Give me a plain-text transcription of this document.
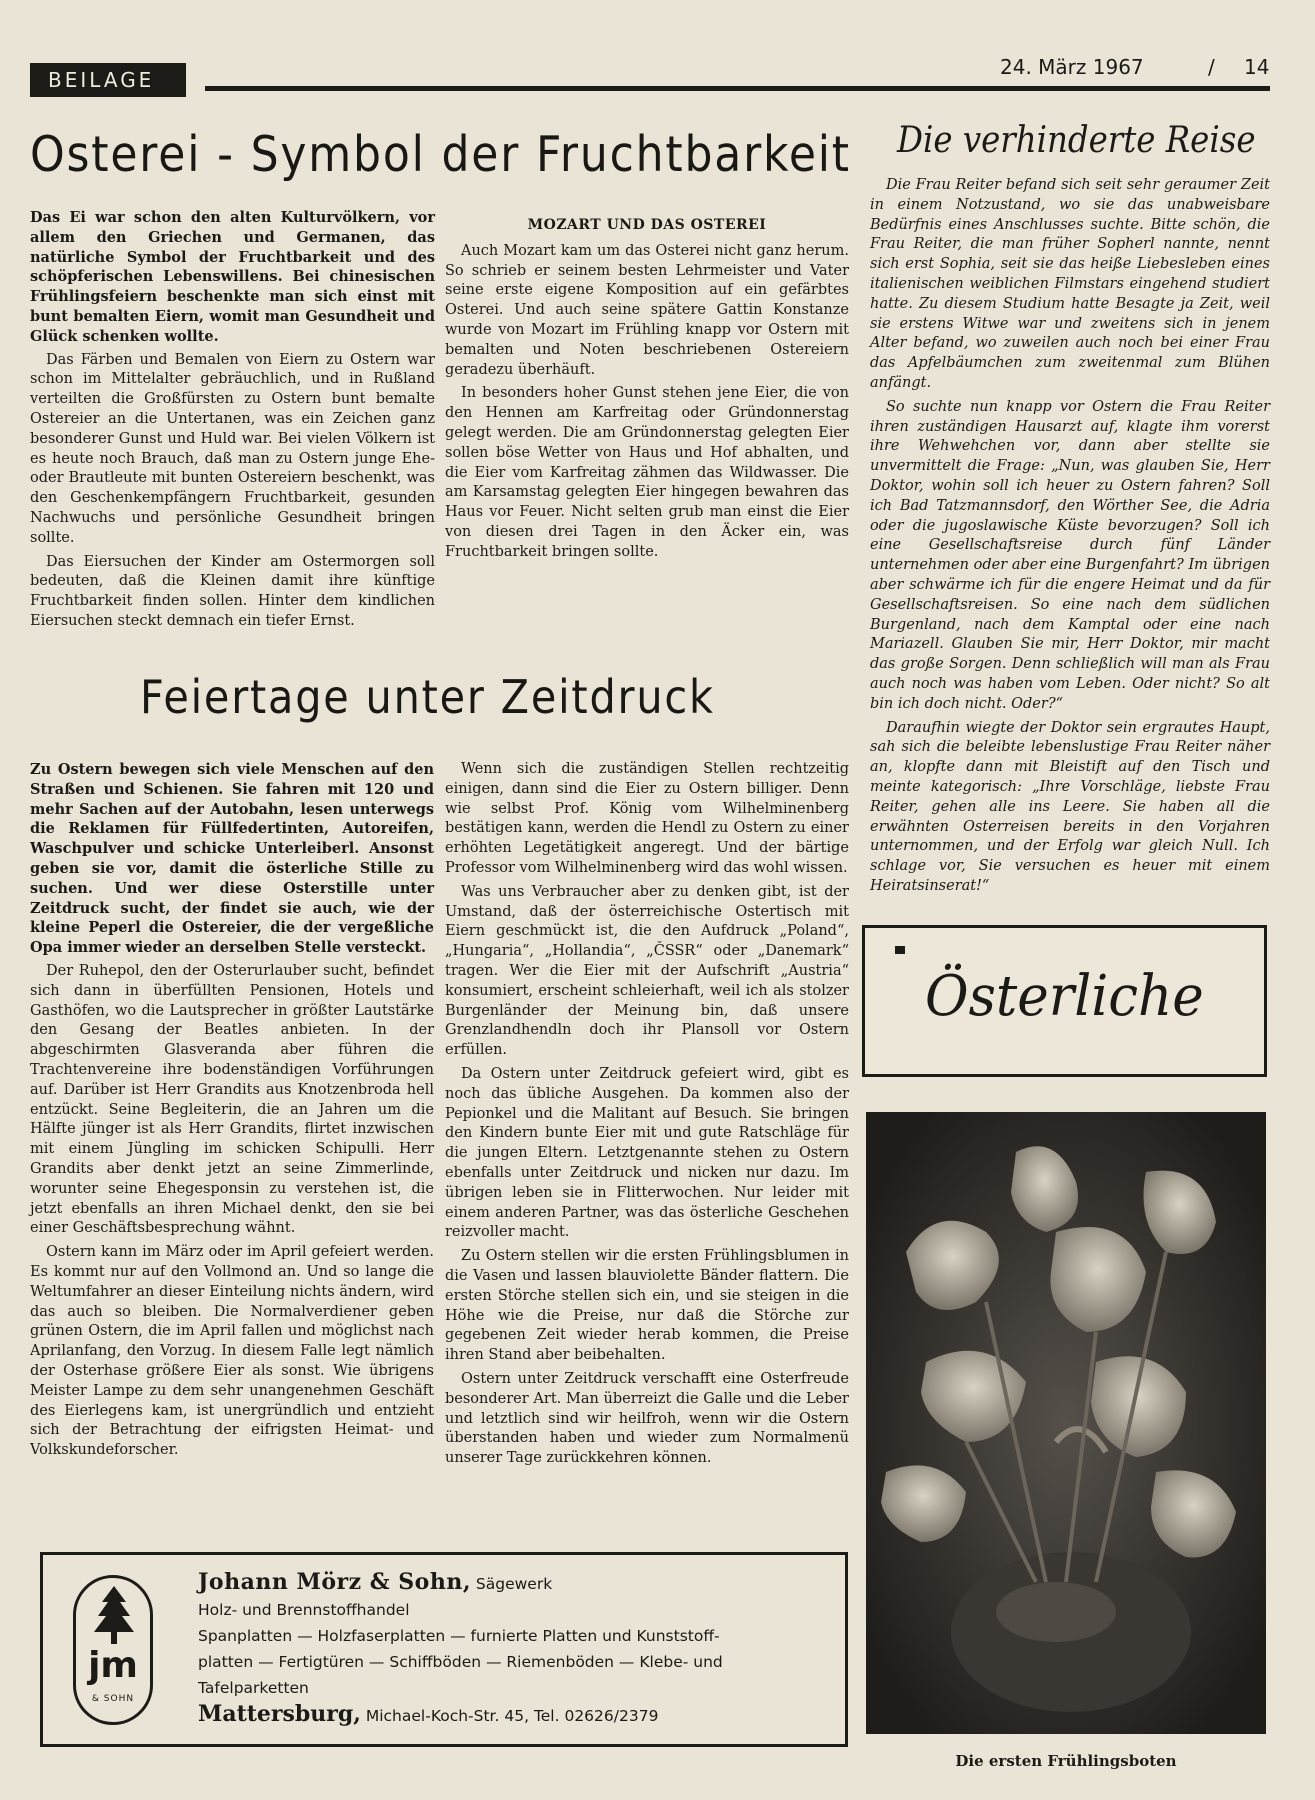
BEILAGE
24. März 1967	/ 14
Osterei - Symbol der Fruchtbarkeit

Das Ei war schon den alten Kulturvölkern, vor allem den Griechen und Germanen, das natürliche Symbol der Fruchtbarkeit und des schöpferischen Lebenswillens. Bei chinesischen Frühlingsfeiern beschenkte man sich einst mit bunt bemalten Eiern, womit man Gesundheit und Glück schenken wollte.

Das Färben und Bemalen von Eiern zu Ostern war schon im Mittelalter gebräuchlich, und in Rußland verteilten die Großfürsten zu Ostern bunt bemalte Ostereier an die Untertanen, was ein Zeichen ganz besonderer Gunst und Huld war. Bei vielen Völkern ist es heute noch Brauch, daß man zu Ostern junge Ehe- oder Brautleute mit bunten Ostereiern beschenkt, was den Geschenkempfängern Fruchtbarkeit, gesunden Nachwuchs und persönliche Gesundheit bringen sollte.

Das Eiersuchen der Kinder am Ostermorgen soll bedeuten, daß die Kleinen damit ihre künftige Fruchtbarkeit finden sollen. Hinter dem kindlichen Eiersuchen steckt demnach ein tiefer Ernst.

MOZART UND DAS OSTEREI

Auch Mozart kam um das Osterei nicht ganz herum. So schrieb er seinem besten Lehrmeister und Vater seine erste eigene Komposition auf ein gefärbtes Osterei. Und auch seine spätere Gattin Konstanze wurde von Mozart im Frühling knapp vor Ostern mit bemalten und Noten beschriebenen Ostereiern geradezu überhäuft.

In besonders hoher Gunst stehen jene Eier, die von den Hennen am Karfreitag oder Gründonnerstag gelegt werden. Die am Gründonnerstag gelegten Eier sollen böse Wetter von Haus und Hof abhalten, und die Eier vom Karfreitag zähmen das Wildwasser. Die am Karsamstag gelegten Eier hingegen bewahren das Haus vor Feuer. Nicht selten grub man einst die Eier von diesen drei Tagen in den Äcker ein, was Fruchtbarkeit bringen sollte.

Die verhinderte Reise

Die Frau Reiter befand sich seit sehr geraumer Zeit in einem Notzustand, wo sie das unabweisbare Bedürfnis eines Anschlusses suchte. Bitte schön, die Frau Reiter, die man früher Sopherl nannte, nennt sich erst Sophia, seit sie das heiße Liebesleben eines italienischen weiblichen Filmstars eingehend studiert hatte. Zu diesem Studium hatte Besagte ja Zeit, weil sie erstens Witwe war und zweitens sich in jenem Alter befand, wo zuweilen auch noch bei einer Frau das Apfelbäumchen zum zweitenmal zum Blühen anfängt.

So suchte nun knapp vor Ostern die Frau Reiter ihren zuständigen Hausarzt auf, klagte ihm vorerst ihre Wehwehchen vor, dann aber stellte sie unvermittelt die Frage: „Nun, was glauben Sie, Herr Doktor, wohin soll ich heuer zu Ostern fahren? Soll ich Bad Tatzmannsdorf, den Wörther See, die Adria oder die jugoslawische Küste bevorzugen? Soll ich eine Gesellschaftsreise durch fünf Länder unternehmen oder aber eine Burgenfahrt? Im übrigen aber schwärme ich für die engere Heimat und da für Gesellschaftsreisen. So eine nach dem südlichen Burgenland, nach dem Kamptal oder eine nach Mariazell. Glauben Sie mir, Herr Doktor, mir macht das große Sorgen. Denn schließlich will man als Frau auch noch was haben vom Leben. Oder nicht? So alt bin ich doch nicht. Oder?“

Daraufhin wiegte der Doktor sein ergrautes Haupt, sah sich die beleibte lebenslustige Frau Reiter näher an, klopfte dann mit Bleistift auf den Tisch und meinte kategorisch: „Ihre Vorschläge, liebste Frau Reiter, gehen alle ins Leere. Sie haben all die erwähnten Osterreisen bereits in den Vorjahren unternommen, und der Erfolg war gleich Null. Ich schlage vor, Sie versuchen es heuer mit einem Heiratsinserat!“

Feiertage unter Zeitdruck

Zu Ostern bewegen sich viele Menschen auf den Straßen und Schienen. Sie fahren mit 120 und mehr Sachen auf der Autobahn, lesen unterwegs die Reklamen für Füllfedertinten, Autoreifen, Waschpulver und schicke Unterleiberl. Ansonst geben sie vor, damit die österliche Stille zu suchen. Und wer diese Osterstille unter Zeitdruck sucht, der findet sie auch, wie der kleine Peperl die Ostereier, die der vergeßliche Opa immer wieder an derselben Stelle versteckt.

Der Ruhepol, den der Osterurlauber sucht, befindet sich dann in überfüllten Pensionen, Hotels und Gasthöfen, wo die Lautsprecher in größter Lautstärke den Gesang der Beatles anbieten. In der abgeschirmten Glasveranda aber führen die Trachtenvereine ihre bodenständigen Vorführungen auf. Darüber ist Herr Grandits aus Knotzenbroda hell entzückt. Seine Begleiterin, die an Jahren um die Hälfte jünger ist als Herr Grandits, flirtet inzwischen mit einem Jüngling im schicken Schipulli. Herr Grandits aber denkt jetzt an seine Zimmerlinde, worunter seine Ehegesponsin zu verstehen ist, die jetzt ebenfalls an ihren Michael denkt, den sie bei einer Geschäftsbesprechung wähnt.

Ostern kann im März oder im April gefeiert werden. Es kommt nur auf den Vollmond an. Und so lange die Weltumfahrer an dieser Einteilung nichts ändern, wird das auch so bleiben. Die Normalverdiener geben grünen Ostern, die im April fallen und möglichst nach Aprilanfang, den Vorzug. In diesem Falle legt nämlich der Osterhase größere Eier als sonst. Wie übrigens Meister Lampe zu dem sehr unangenehmen Geschäft des Eierlegens kam, ist unergründlich und entzieht sich der Betrachtung der eifrigsten Heimat- und Volkskundeforscher.

Wenn sich die zuständigen Stellen rechtzeitig einigen, dann sind die Eier zu Ostern billiger. Denn wie selbst Prof. König vom Wilhelminenberg bestätigen kann, werden die Hendl zu Ostern zu einer erhöhten Legetätigkeit angeregt. Und der bärtige Professor vom Wilhelminenberg wird das wohl wissen.

Was uns Verbraucher aber zu denken gibt, ist der Umstand, daß der österreichische Ostertisch mit Eiern geschmückt ist, die den Aufdruck „Poland“, „Hungaria“, „Hollandia“, „ČSSR“ oder „Danemark“ tragen. Wer die Eier mit der Aufschrift „Austria“ konsumiert, erscheint schleierhaft, weil ich als stolzer Burgenländer der Meinung bin, daß unsere Grenzlandhendln doch ihr Plansoll vor Ostern erfüllen.

Da Ostern unter Zeitdruck gefeiert wird, gibt es noch das übliche Ausgehen. Da kommen also der Pepionkel und die Malitant auf Besuch. Sie bringen den Kindern bunte Eier mit und gute Ratschläge für die jungen Eltern. Letztgenannte stehen zu Ostern ebenfalls unter Zeitdruck und nicken nur dazu. Im übrigen leben sie in Flitterwochen. Nur leider mit einem anderen Partner, was das österliche Geschehen reizvoller macht.

Zu Ostern stellen wir die ersten Frühlingsblumen in die Vasen und lassen blauviolette Bänder flattern. Die ersten Störche stellen sich ein, und sie steigen in die Höhe wie die Preise, nur daß die Störche zur gegebenen Zeit wieder herab kommen, die Preise ihren Stand aber beibehalten.

Ostern unter Zeitdruck verschafft eine Osterfreude besonderer Art. Man überreizt die Galle und die Leber und letztlich sind wir heilfroh, wenn wir die Ostern überstanden haben und wieder zum Normalmenü unserer Tage zurückkehren können.

jm
& SOHN
Johann Mörz & Sohn, Sägewerk
Holz- und Brennstoffhandel
Spanplatten — Holzfaserplatten — furnierte Platten und Kunststoff-
platten — Fertigtüren — Schiffböden — Riemenböden — Klebe- und
Tafelparketten
Mattersburg, Michael-Koch-Str. 45, Tel. 02626/2379
Österliche
Die ersten Frühlingsboten
